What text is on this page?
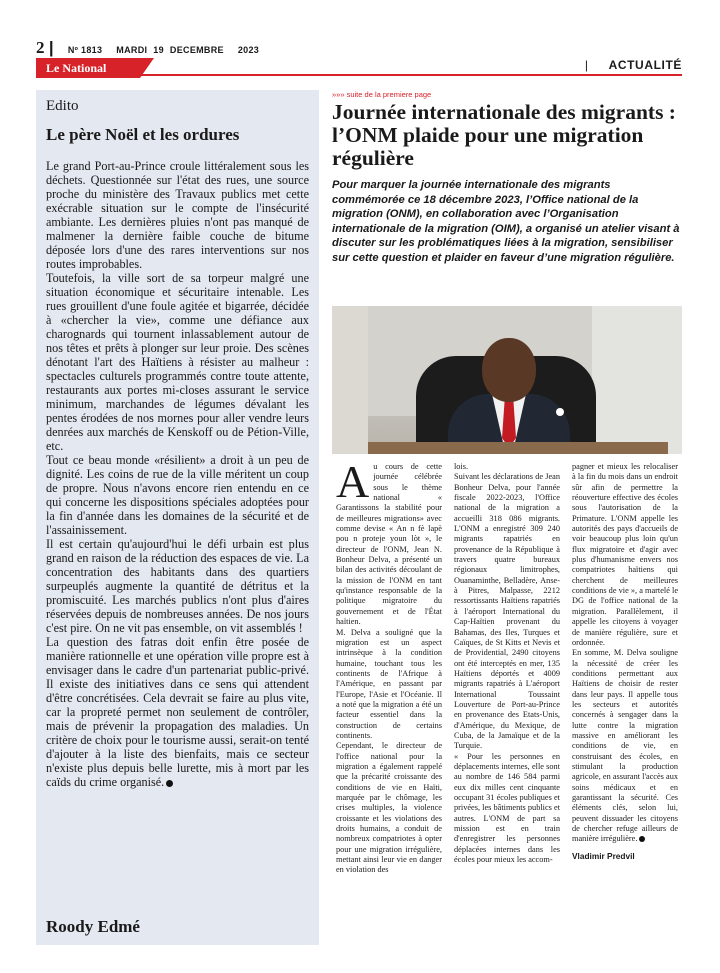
2 | Nº 1813 MARDI 19 DECEMBRE 2023
Le National	| ACTUALITÉ
Edito
Le père Noël et les ordures

Le grand Port-au-Prince croule littéralement sous les déchets. Questionnée sur l'état des rues, une source proche du ministère des Travaux publics met cette exécrable situation sur le compte de l'insécurité ambiante. Les dernières pluies n'ont pas manqué de malmener la dernière faible couche de bitume déposée lors d'une des rares interventions sur nos routes improbables.

Toutefois, la ville sort de sa torpeur malgré une situation économique et sécuritaire intenable. Les rues grouillent d'une foule agitée et bigarrée, décidée à «chercher la vie», comme une défiance aux charognards qui tournent inlassablement autour de nos têtes et prêts à plonger sur leur proie. Des scènes dénotant l'art des Haïtiens à résister au malheur : spectacles culturels programmés contre toute attente, restaurants aux portes mi-closes assurant le service minimum, marchandes de légumes dévalant les pentes érodées de nos mornes pour aller vendre leurs denrées aux marchés de Kenskoff ou de Pétion-Ville, etc.

Tout ce beau monde «résilient» a droit à un peu de dignité. Les coins de rue de la ville méritent un coup de propre. Nous n'avons encore rien entendu en ce qui concerne les dispositions spéciales adoptées pour la fin d'année dans les domaines de la sécurité et de l'assainissement.

Il est certain qu'aujourd'hui le défi urbain est plus grand en raison de la réduction des espaces de vie. La concentration des habitants dans des quartiers surpeuplés augmente la quantité de détritus et la promiscuité. Les marchés publics n'ont plus d'aires réservées depuis de nombreuses années. De nos jours c'est pire. On ne vit pas ensemble, on vit assemblés !

La question des fatras doit enfin être posée de manière rationnelle et une opération ville propre est à envisager dans le cadre d'un partenariat public-privé. Il existe des initiatives dans ce sens qui attendent d'être concrétisées. Cela devrait se faire au plus vite, car la propreté permet non seulement de contrôler, mais de prévenir la propagation des maladies. Un critère de choix pour le tourisme aussi, serait-on tenté d'ajouter à la liste des bienfaits, mais ce secteur n'existe plus depuis belle lurette, mis à mort par les caïds du crime organisé.

Roody Edmé
»»» suite de la premiere page
Journée internationale des migrants : l’ONM plaide pour une migration régulière
Pour marquer la journée internationale des migrants commémorée ce 18 décembre 2023, l’Office national de la migration (ONM), en collaboration avec l’Organisation internationale de la migration (OIM), a organisé un atelier visant à discuter sur les problématiques liées à la migration, sensibiliser sur cette question et plaider en faveur d’une migration régulière.
A u cours de cette journée célébrée sous le thème national « Garantissons la stabilité pour de meilleures migrations» avec comme devise « An n fè lapè pou n proteje youn lòt », le directeur de l'ONM, Jean N. Bonheur Delva, a présenté un bilan des activités découlant de la mission de l'ONM en tant qu'instance responsable de la politique migratoire du gouvernement et de l'État haïtien.

M. Delva a souligné que la migration est un aspect intrinsèque à la condition humaine, touchant tous les continents de l'Afrique à l'Amérique, en passant par l'Europe, l'Asie et l'Océanie. Il a noté que la migration a été un facteur essentiel dans la construction de certains continents.

Cependant, le directeur de l'office national pour la migration a également rappelé que la précarité croissante des conditions de vie en Haïti, marquée par le chômage, les crises multiples, la violence croissante et les violations des droits humains, a conduit de nombreux compatriotes à opter pour une migration irrégulière, mettant ainsi leur vie en danger en violation des

lois.

Suivant les déclarations de Jean Bonheur Delva, pour l'année fiscale 2022-2023, l'Office national de la migration a accueilli 318 086 migrants. L'ONM a enregistré 309 240 migrants rapatriés en provenance de la République à travers quatre bureaux régionaux limitrophes, Ouanaminthe, Belladère, Anse-à Pitres, Malpasse, 2212 ressortissants Haïtiens rapatriés à l'aéroport International du Cap-Haïtien provenant du Bahamas, des Iles, Turques et Caïques, de St Kitts et Nevis et de Providential, 2490 citoyens ont été interceptés en mer, 135 Haïtiens déportés et 4009 migrants rapatriés à L'aéroport International Toussaint Louverture de Port-au-Prince en provenance des Etats-Unis, d'Amérique, du Mexique, de Cuba, de la Jamaïque et de la Turquie.

« Pour les personnes en déplacements internes, elle sont au nombre de 146 584 parmi eux dix milles cent cinquante occupant 31 écoles publiques et privées, les bâtiments publics et autres. L'ONM de part sa mission est en train d'enregistrer les personnes déplacées internes dans les écoles pour mieux les accom-

pagner et mieux les relocaliser à la fin du mois dans un endroit sûr afin de permettre la réouverture effective des écoles sous l'autorisation de la Primature. L'ONM appelle les autorités des pays d'accueils de voir beaucoup plus loin qu'un flux migratoire et d'agir avec plus d'humanisme envers nos compatriotes haïtiens qui cherchent de meilleures conditions de vie », a martelé le DG de l'office national de la migration. Parallèlement, il appelle les citoyens à voyager de manière régulière, sure et ordonnée.

En somme, M. Delva souligne la nécessité de créer les conditions permettant aux Haïtiens de choisir de rester dans leur pays. Il appelle tous les secteurs et autorités concernés à sengager dans la lutte contre la migration massive en améliorant les conditions de vie, en construisant des écoles, en stimulant la production agricole, en assurant l'accès aux soins médicaux et en garantissant la sécurité. Ces éléments clés, selon lui, peuvent dissuader les citoyens de chercher refuge ailleurs de manière irrégulière.

Vladimir Predvil
